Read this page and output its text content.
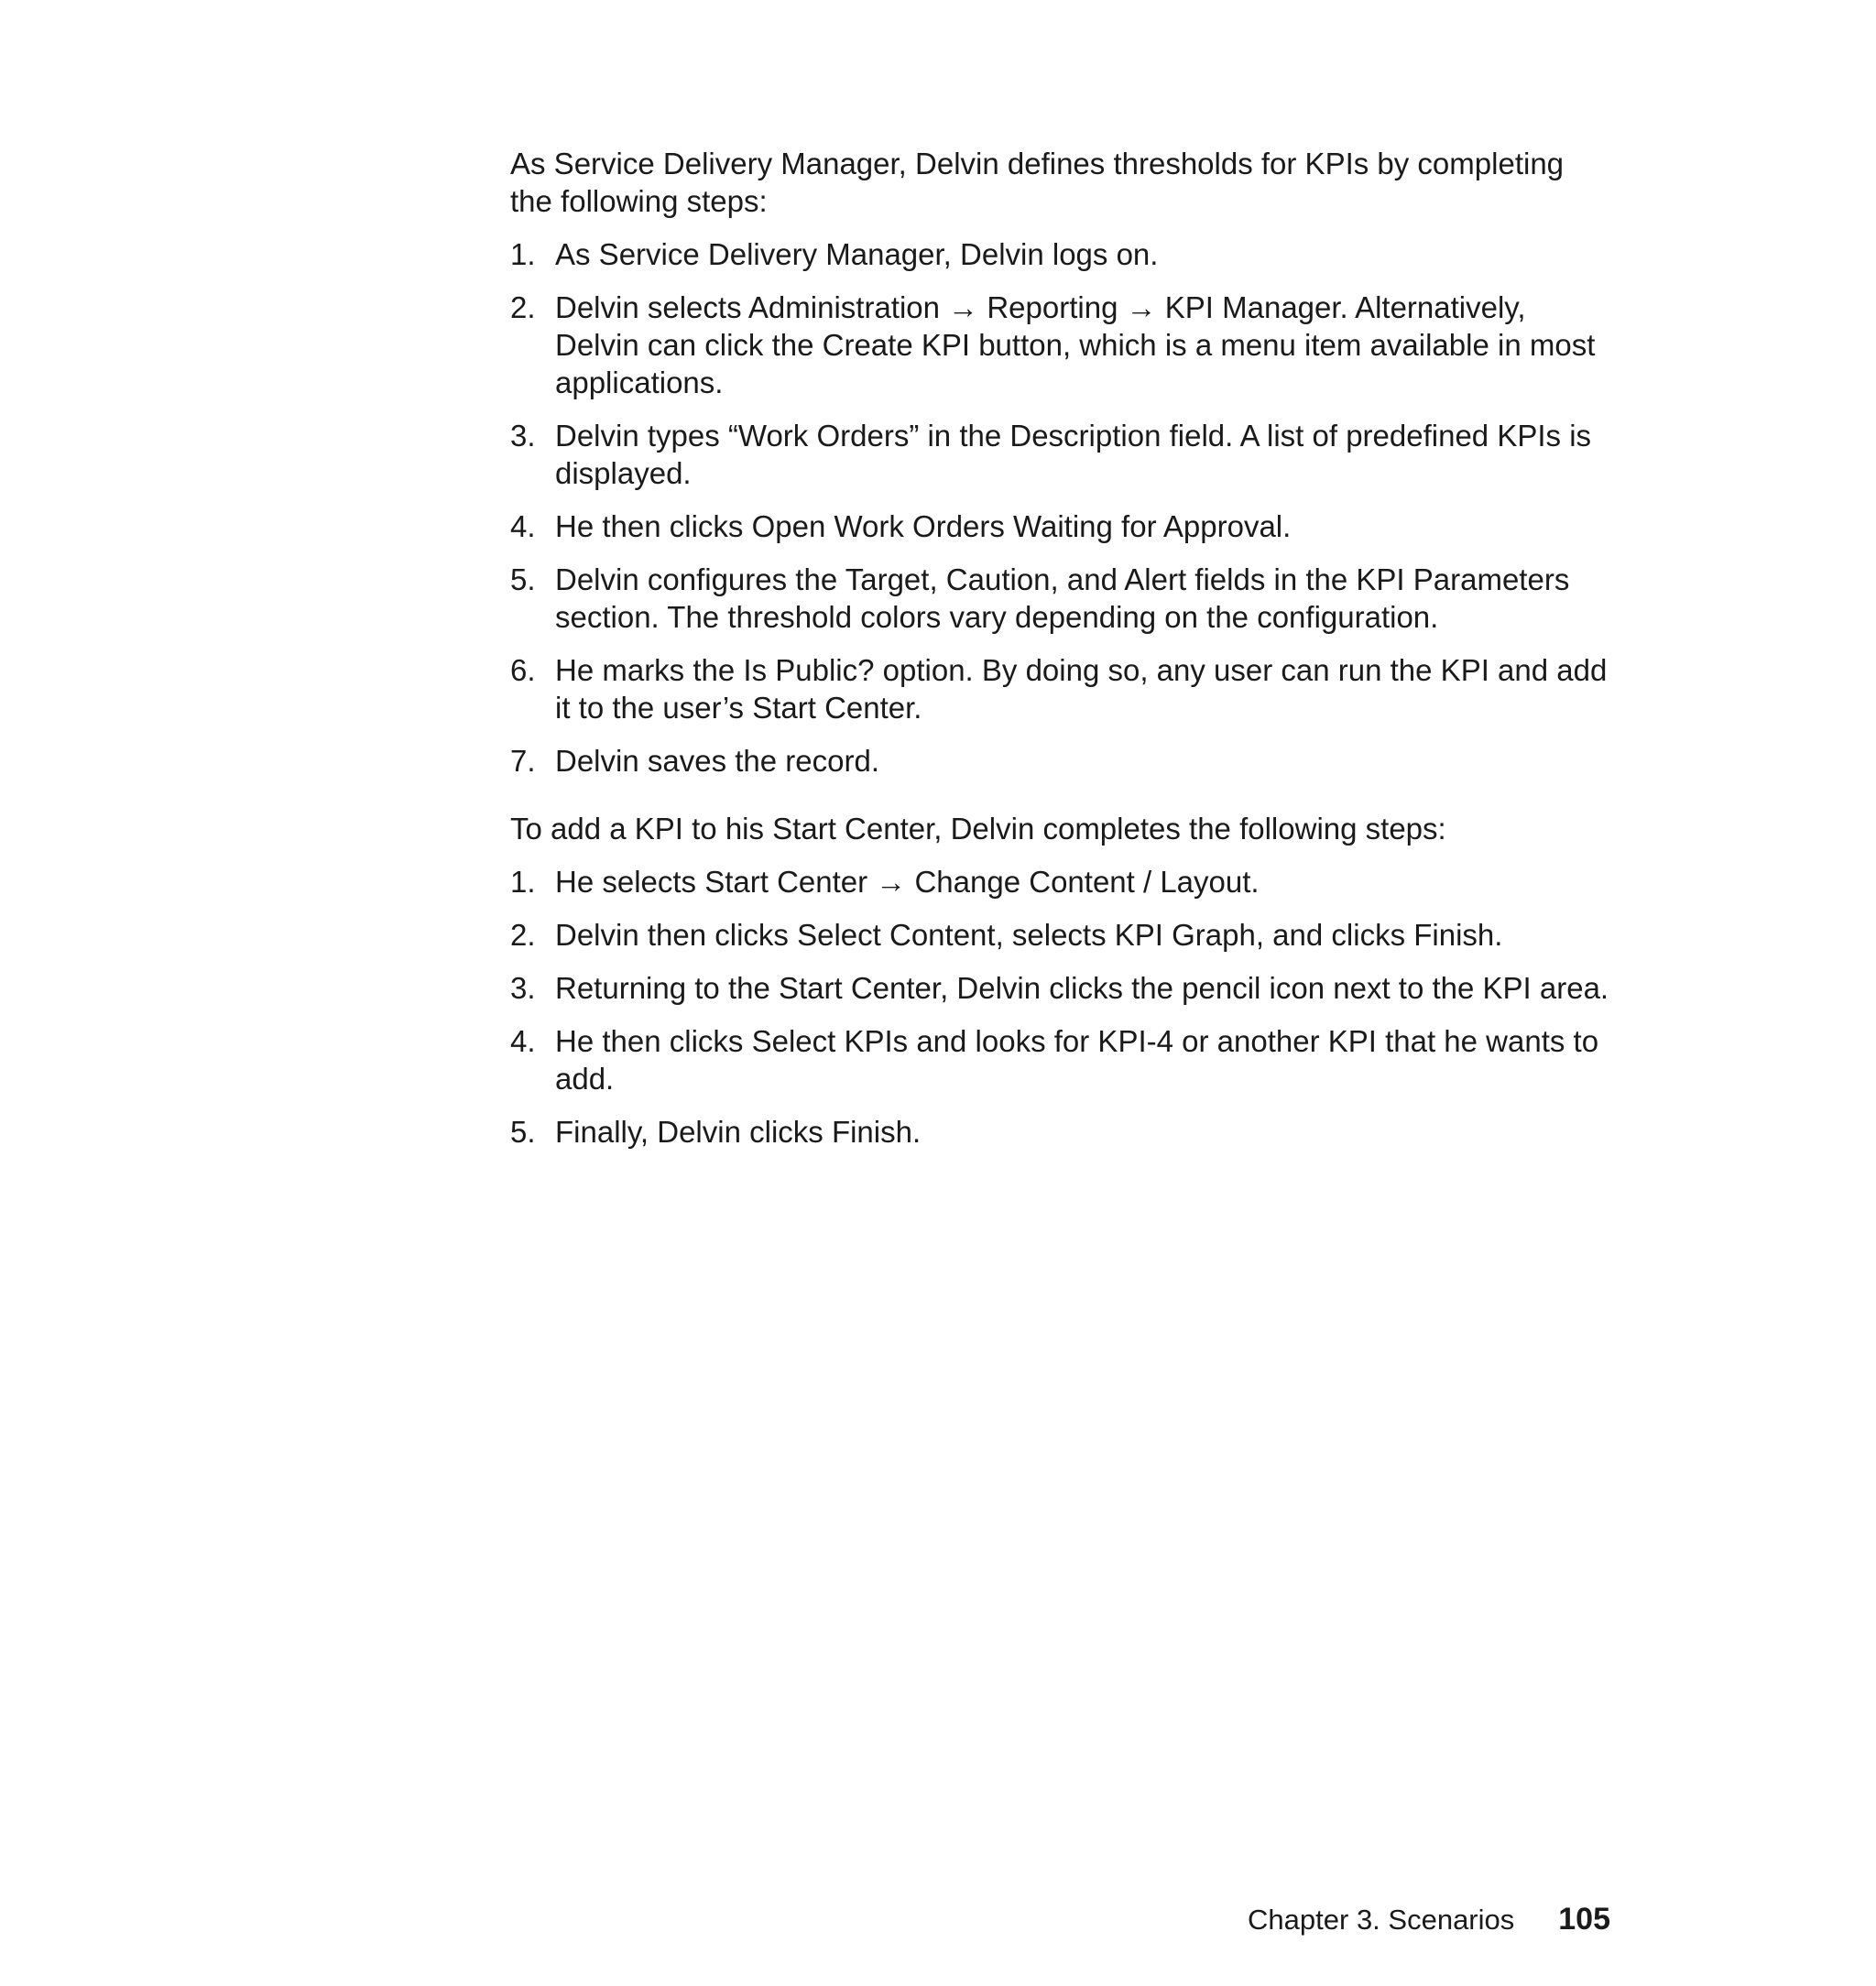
As Service Delivery Manager, Delvin defines thresholds for KPIs by completing the following steps:

1. As Service Delivery Manager, Delvin logs on.
2. Delvin selects Administration → Reporting → KPI Manager. Alternatively, Delvin can click the Create KPI button, which is a menu item available in most applications.
3. Delvin types “Work Orders” in the Description field. A list of predefined KPIs is displayed.
4. He then clicks Open Work Orders Waiting for Approval.
5. Delvin configures the Target, Caution, and Alert fields in the KPI Parameters section. The threshold colors vary depending on the configuration.
6. He marks the Is Public? option. By doing so, any user can run the KPI and add it to the user’s Start Center.
7. Delvin saves the record.

To add a KPI to his Start Center, Delvin completes the following steps:

1. He selects Start Center → Change Content / Layout.
2. Delvin then clicks Select Content, selects KPI Graph, and clicks Finish.
3. Returning to the Start Center, Delvin clicks the pencil icon next to the KPI area.
4. He then clicks Select KPIs and looks for KPI-4 or another KPI that he wants to add.
5. Finally, Delvin clicks Finish.
Chapter 3. Scenarios 105
